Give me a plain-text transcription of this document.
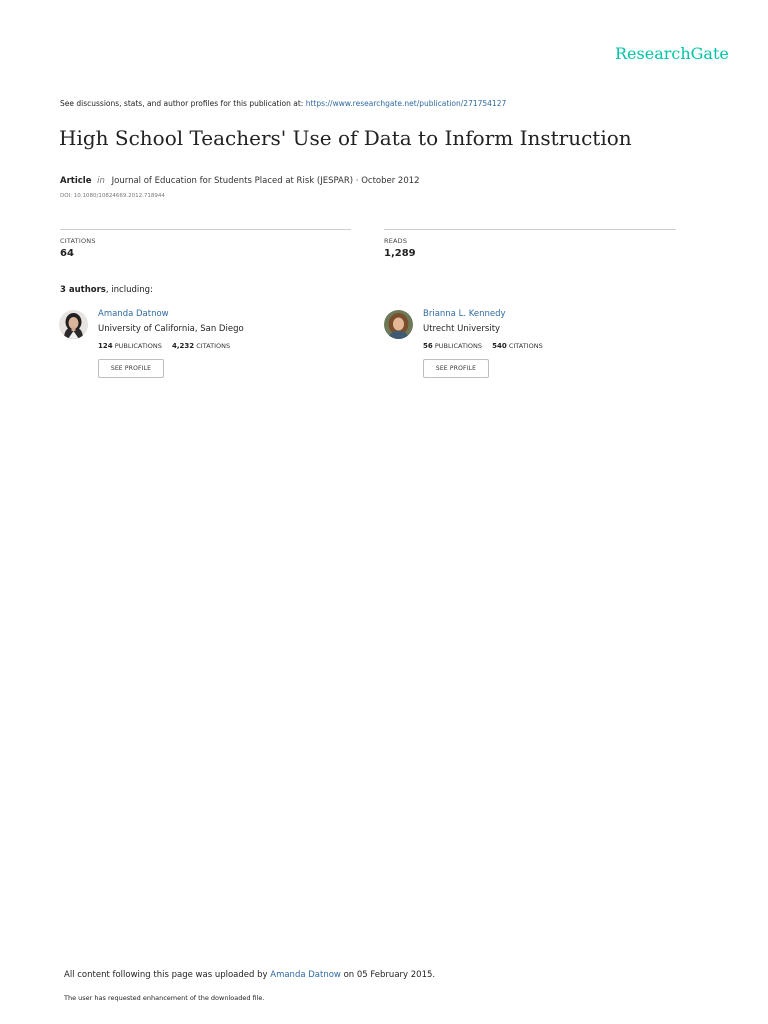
ResearchGate
See discussions, stats, and author profiles for this publication at: https://www.researchgate.net/publication/271754127
High School Teachers' Use of Data to Inform Instruction
Article in Journal of Education for Students Placed at Risk (JESPAR) · October 2012
DOI: 10.1080/10824669.2012.718944
CITATIONS
64
READS
1,289
3 authors, including:
Amanda Datnow
University of California, San Diego
124 PUBLICATIONS 4,232 CITATIONS
SEE PROFILE
Brianna L. Kennedy
Utrecht University
56 PUBLICATIONS 540 CITATIONS
SEE PROFILE
All content following this page was uploaded by Amanda Datnow on 05 February 2015.
The user has requested enhancement of the downloaded file.
